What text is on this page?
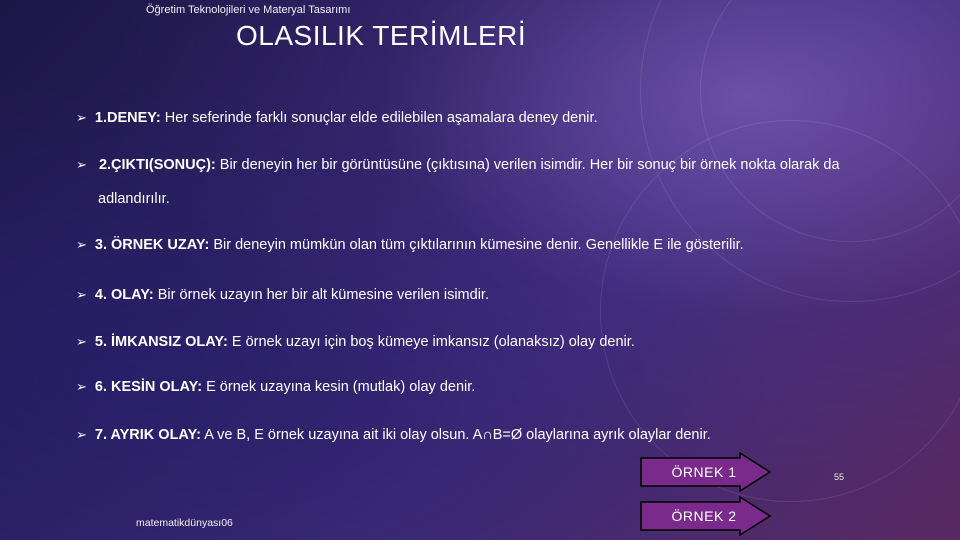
Öğretim Teknolojileri ve Materyal Tasarımı
OLASILIK TERİMLERİ
➢ 1.DENEY: Her seferinde farklı sonuçlar elde edilebilen aşamalara deney denir.
➢ 2.ÇIKTI(SONUÇ): Bir deneyin her bir görüntüsüne (çıktısına) verilen isimdir. Her bir sonuç bir örnek nokta olarak da
adlandırılır.
➢ 3. ÖRNEK UZAY: Bir deneyin mümkün olan tüm çıktılarının kümesine denir. Genellikle E ile gösterilir.
➢ 4. OLAY: Bir örnek uzayın her bir alt kümesine verilen isimdir.
➢ 5. İMKANSIZ OLAY: E örnek uzayı için boş kümeye imkansız (olanaksız) olay denir.
➢ 6. KESİN OLAY: E örnek uzayına kesin (mutlak) olay denir.
➢ 7. AYRIK OLAY: A ve B, E örnek uzayına ait iki olay olsun. A∩B=Ø olaylarına ayrık olaylar denir.
ÖRNEK 1
ÖRNEK 2
matematikdünyası06
55
